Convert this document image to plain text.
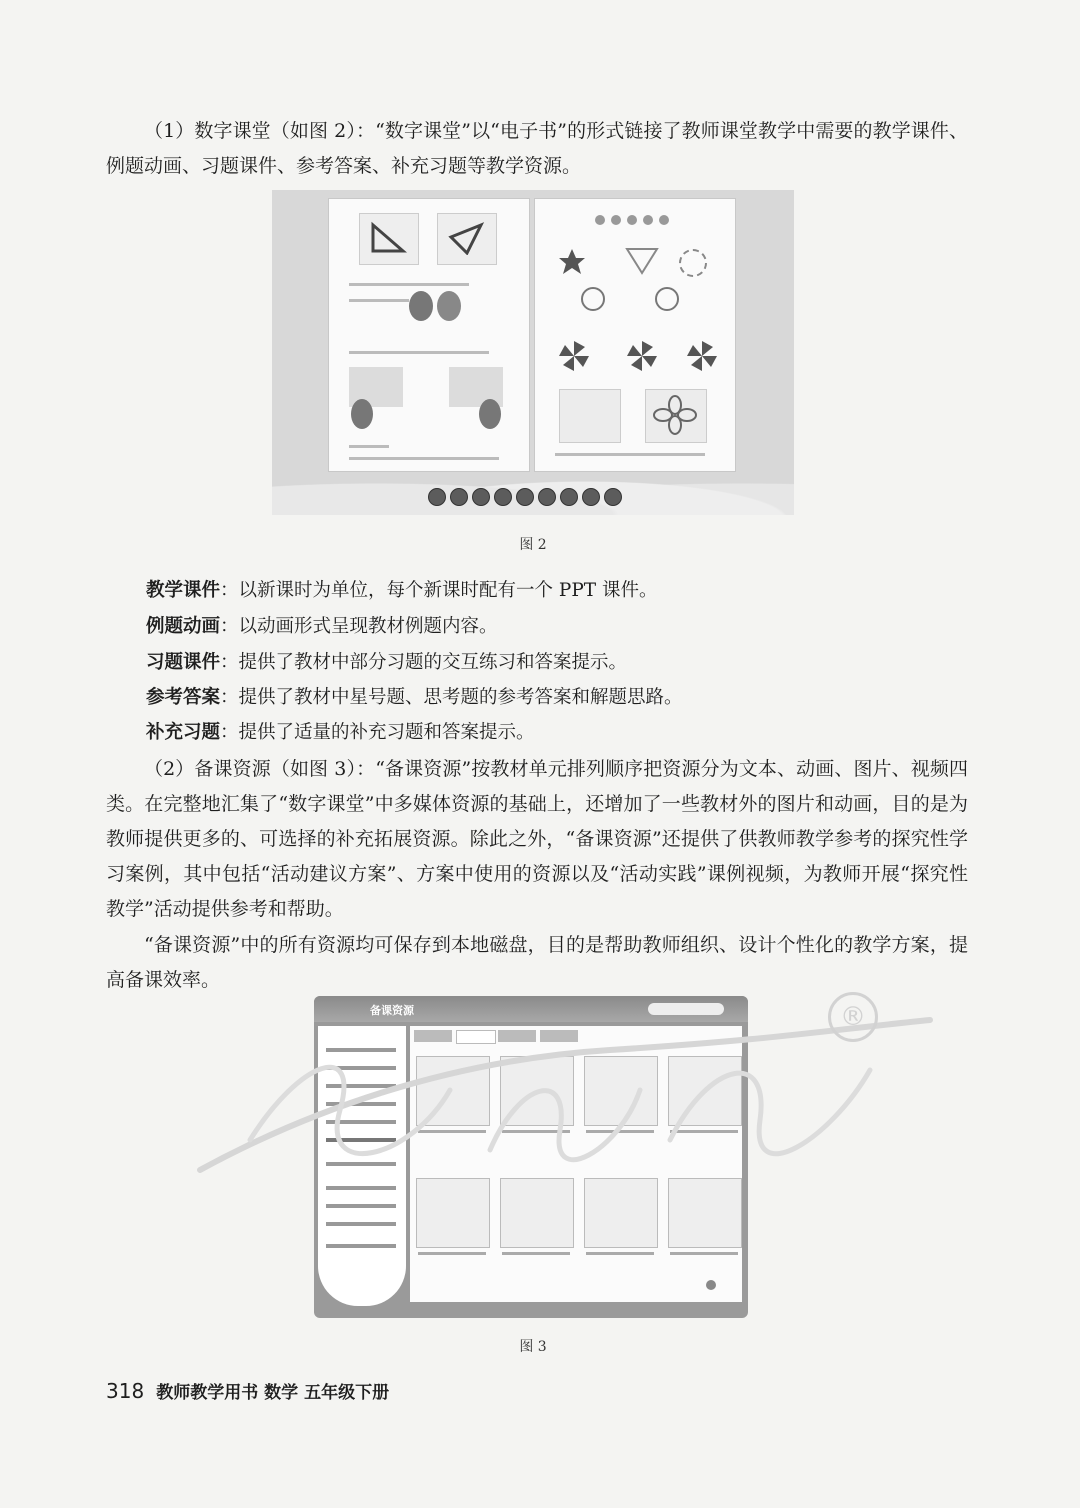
（1）数字课堂（如图 2）：“数字课堂”以“电子书”的形式链接了教师课堂教学中需要的教学课件、例题动画、习题课件、参考答案、补充习题等教学资源。
图 2
教学课件：以新课时为单位，每个新课时配有一个 PPT 课件。
例题动画：以动画形式呈现教材例题内容。
习题课件：提供了教材中部分习题的交互练习和答案提示。
参考答案：提供了教材中星号题、思考题的参考答案和解题思路。
补充习题：提供了适量的补充习题和答案提示。
（2）备课资源（如图 3）：“备课资源”按教材单元排列顺序把资源分为文本、动画、图片、视频四类。在完整地汇集了“数字课堂”中多媒体资源的基础上，还增加了一些教材外的图片和动画，目的是为教师提供更多的、可选择的补充拓展资源。除此之外，“备课资源”还提供了供教师教学参考的探究性学习案例，其中包括“活动建议方案”、方案中使用的资源以及“活动实践”课例视频，为教师开展“探究性教学”活动提供参考和帮助。
“备课资源”中的所有资源均可保存到本地磁盘，目的是帮助教师组织、设计个性化的教学方案，提高备课效率。
备课资源
图 3
®
318 教师教学用书 数学 五年级下册
